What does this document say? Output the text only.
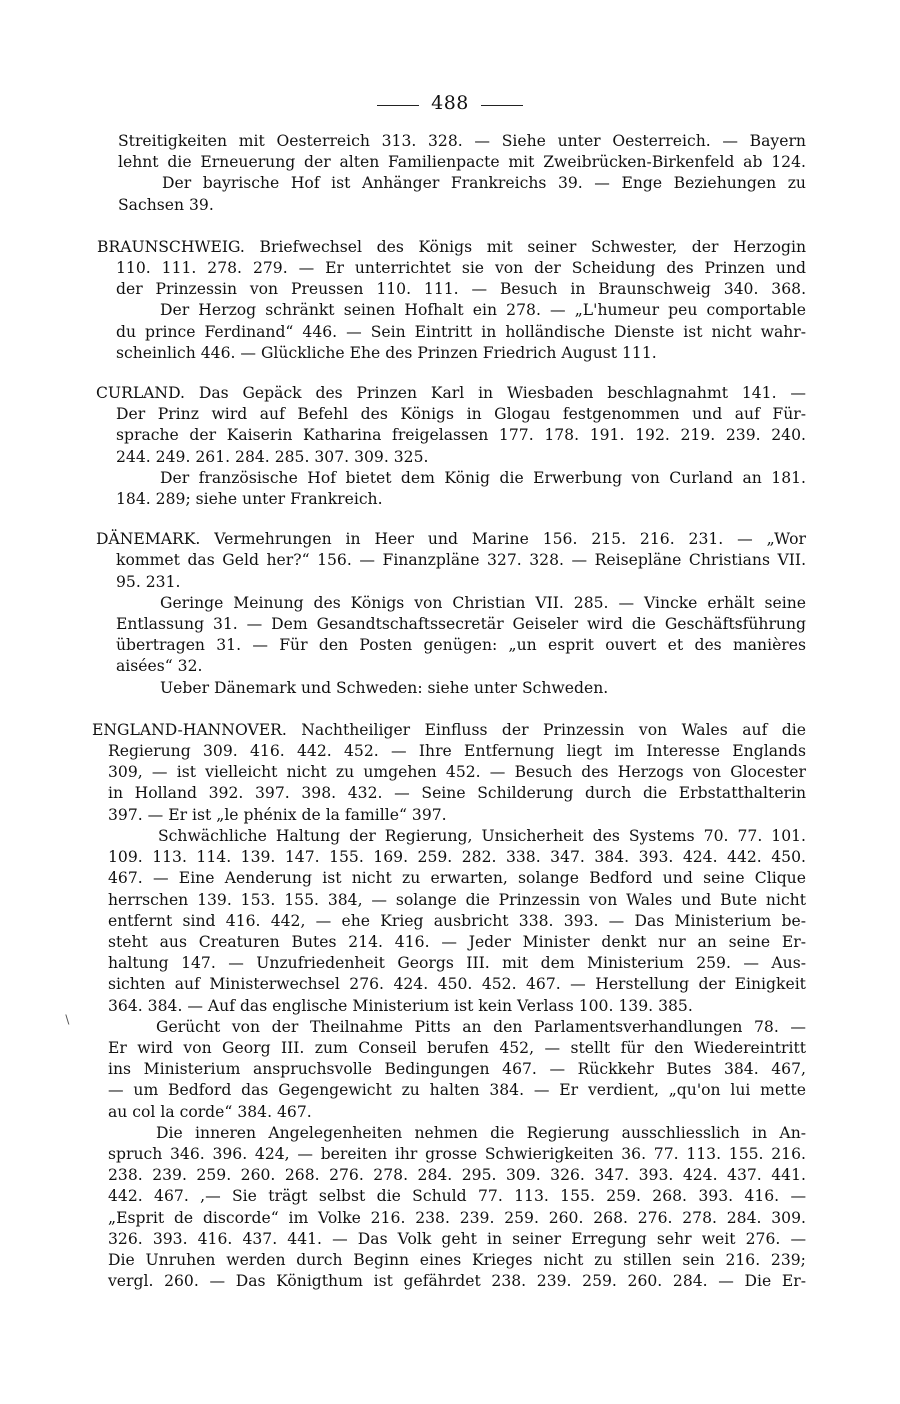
488
Streitigkeiten mit Oesterreich 313. 328. — Siehe unter Oesterreich. — Bayern
lehnt die Erneuerung der alten Familienpacte mit Zweibrücken-Birkenfeld ab 124.
Der bayrische Hof ist Anhänger Frankreichs 39. — Enge Beziehungen zu
Sachsen 39.
BRAUNSCHWEIG. Briefwechsel des Königs mit seiner Schwester, der Herzogin
110. 111. 278. 279. — Er unterrichtet sie von der Scheidung des Prinzen und
der Prinzessin von Preussen 110. 111. — Besuch in Braunschweig 340. 368.
Der Herzog schränkt seinen Hofhalt ein 278. — „L'humeur peu comportable
du prince Ferdinand“ 446. — Sein Eintritt in holländische Dienste ist nicht wahr-
scheinlich 446. — Glückliche Ehe des Prinzen Friedrich August 111.
CURLAND. Das Gepäck des Prinzen Karl in Wiesbaden beschlagnahmt 141. —
Der Prinz wird auf Befehl des Königs in Glogau festgenommen und auf Für-
sprache der Kaiserin Katharina freigelassen 177. 178. 191. 192. 219. 239. 240.
244. 249. 261. 284. 285. 307. 309. 325.
Der französische Hof bietet dem König die Erwerbung von Curland an 181.
184. 289; siehe unter Frankreich.
DÄNEMARK. Vermehrungen in Heer und Marine 156. 215. 216. 231. — „Wor
kommet das Geld her?“ 156. — Finanzpläne 327. 328. — Reisepläne Christians VII.
95. 231.
Geringe Meinung des Königs von Christian VII. 285. — Vincke erhält seine
Entlassung 31. — Dem Gesandtschaftssecretär Geiseler wird die Geschäftsführung
übertragen 31. — Für den Posten genügen: „un esprit ouvert et des manières
aisées“ 32.
Ueber Dänemark und Schweden: siehe unter Schweden.
ENGLAND-HANNOVER. Nachtheiliger Einfluss der Prinzessin von Wales auf die
Regierung 309. 416. 442. 452. — Ihre Entfernung liegt im Interesse Englands
309, — ist vielleicht nicht zu umgehen 452. — Besuch des Herzogs von Glocester
in Holland 392. 397. 398. 432. — Seine Schilderung durch die Erbstatthalterin
397. — Er ist „le phénix de la famille“ 397.
Schwächliche Haltung der Regierung, Unsicherheit des Systems 70. 77. 101.
109. 113. 114. 139. 147. 155. 169. 259. 282. 338. 347. 384. 393. 424. 442. 450.
467. — Eine Aenderung ist nicht zu erwarten, solange Bedford und seine Clique
herrschen 139. 153. 155. 384, — solange die Prinzessin von Wales und Bute nicht
entfernt sind 416. 442, — ehe Krieg ausbricht 338. 393. — Das Ministerium be-
steht aus Creaturen Butes 214. 416. — Jeder Minister denkt nur an seine Er-
haltung 147. — Unzufriedenheit Georgs III. mit dem Ministerium 259. — Aus-
sichten auf Ministerwechsel 276. 424. 450. 452. 467. — Herstellung der Einigkeit
364. 384. — Auf das englische Ministerium ist kein Verlass 100. 139. 385.
Gerücht von der Theilnahme Pitts an den Parlamentsverhandlungen 78. —
Er wird von Georg III. zum Conseil berufen 452, — stellt für den Wiedereintritt
ins Ministerium anspruchsvolle Bedingungen 467. — Rückkehr Butes 384. 467,
— um Bedford das Gegengewicht zu halten 384. — Er verdient, „qu'on lui mette
au col la corde“ 384. 467.
Die inneren Angelegenheiten nehmen die Regierung ausschliesslich in An-
spruch 346. 396. 424, — bereiten ihr grosse Schwierigkeiten 36. 77. 113. 155. 216.
238. 239. 259. 260. 268. 276. 278. 284. 295. 309. 326. 347. 393. 424. 437. 441.
442. 467. ,— Sie trägt selbst die Schuld 77. 113. 155. 259. 268. 393. 416. —
„Esprit de discorde“ im Volke 216. 238. 239. 259. 260. 268. 276. 278. 284. 309.
326. 393. 416. 437. 441. — Das Volk geht in seiner Erregung sehr weit 276. —
Die Unruhen werden durch Beginn eines Krieges nicht zu stillen sein 216. 239;
vergl. 260. — Das Königthum ist gefährdet 238. 239. 259. 260. 284. — Die Er-
∖
